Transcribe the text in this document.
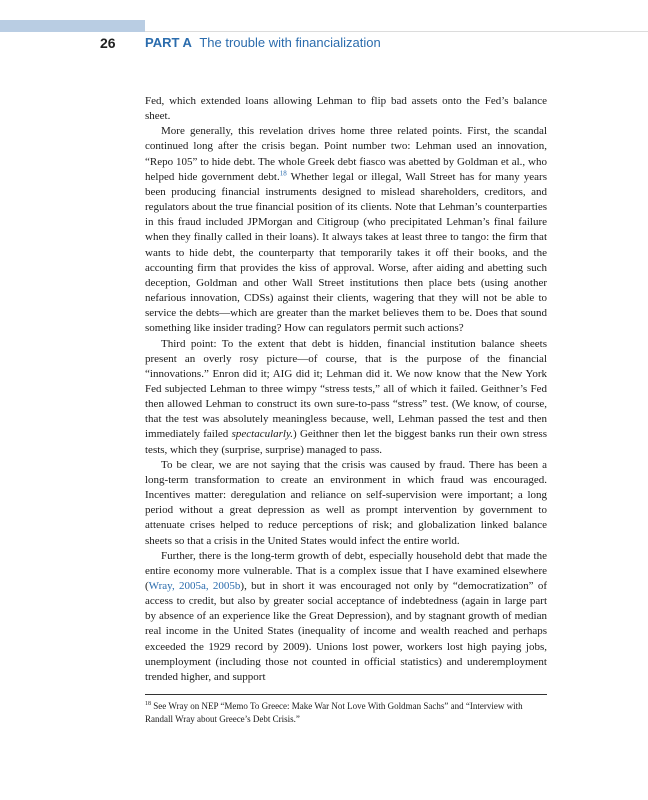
26 PART A The trouble with financialization

Fed, which extended loans allowing Lehman to flip bad assets onto the Fed’s balance sheet.

More generally, this revelation drives home three related points. First, the scandal continued long after the crisis began. Point number two: Lehman used an innovation, “Repo 105” to hide debt. The whole Greek debt fiasco was abetted by Goldman et al., who helped hide government debt.$^{18}$ Whether legal or illegal, Wall Street has for many years been producing financial instruments designed to mislead shareholders, creditors, and regulators about the true financial position of its clients. Note that Lehman’s counterparties in this fraud included JPMorgan and Citigroup (who precipitated Lehman’s final failure when they finally called in their loans). It always takes at least three to tango: the firm that wants to hide debt, the counterparty that temporarily takes it off their books, and the accounting firm that provides the kiss of approval. Worse, after aiding and abetting such deception, Goldman and other Wall Street institutions then place bets (using another nefarious innovation, CDSs) against their clients, wagering that they will not be able to service the debts—which are greater than the market believes them to be. Does that sound something like insider trading? How can regulators permit such actions?

Third point: To the extent that debt is hidden, financial institution balance sheets present an overly rosy picture—of course, that is the purpose of the financial “innovations.” Enron did it; AIG did it; Lehman did it. We now know that the New York Fed subjected Lehman to three wimpy “stress tests,” all of which it failed. Geithner’s Fed then allowed Lehman to construct its own sure-to-pass “stress” test. (We know, of course, that the test was absolutely meaningless because, well, Lehman passed the test and then immediately failed spectacularly.) Geithner then let the biggest banks run their own stress tests, which they (surprise, surprise) managed to pass.

To be clear, we are not saying that the crisis was caused by fraud. There has been a long-term transformation to create an environment in which fraud was encouraged. Incentives matter: deregulation and reliance on self-supervision were important; a long period without a great depression as well as prompt intervention by government to attenuate crises helped to reduce perceptions of risk; and globalization linked balance sheets so that a crisis in the United States would infect the entire world.

Further, there is the long-term growth of debt, especially household debt that made the entire economy more vulnerable. That is a complex issue that I have examined elsewhere (Wray, 2005a, 2005b), but in short it was encouraged not only by “democratization” of access to credit, but also by greater social acceptance of indebtedness (again in large part by absence of an experience like the Great Depression), and by stagnant growth of median real income in the United States (inequality of income and wealth reached and perhaps exceeded the 1929 record by 2009). Unions lost power, workers lost high paying jobs, unemployment (including those not counted in official statistics) and underemployment trended higher, and support

$^{18}$ See Wray on NEP “Memo To Greece: Make War Not Love With Goldman Sachs” and “Interview with Randall Wray about Greece’s Debt Crisis.”
